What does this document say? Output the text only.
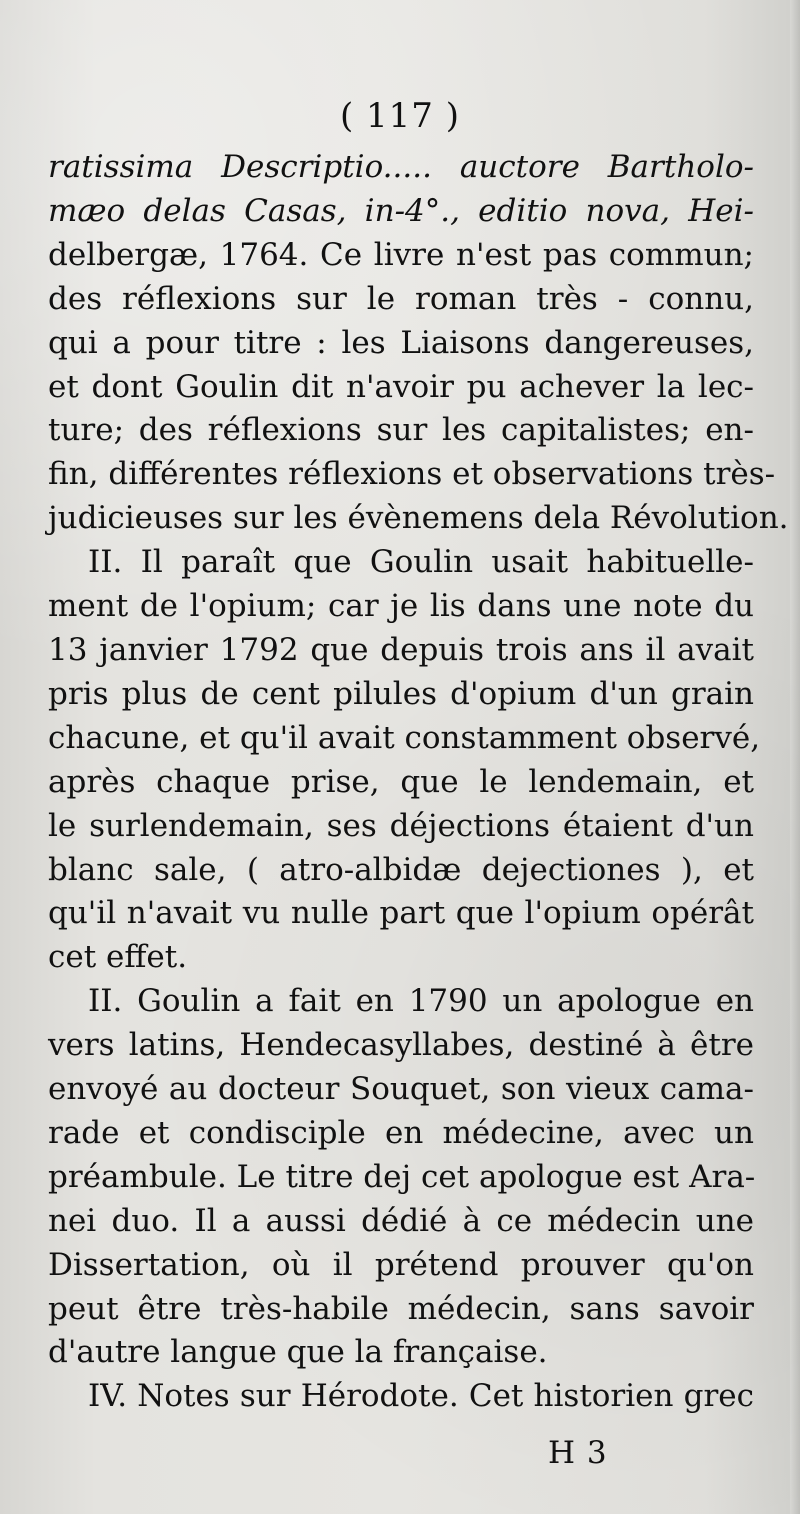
( 117 )
ratissima Descriptio..... auctore Bartholo-
mæo delas Casas, in-4°., editio nova, Hei-
delbergæ, 1764. Ce livre n'est pas commun;
des réflexions sur le roman très - connu,
qui a pour titre : les Liaisons dangereuses,
et dont Goulin dit n'avoir pu achever la lec-
ture; des réflexions sur les capitalistes; en-
fin, différentes réflexions et observations très-
judicieuses sur les évènemens dela Révolution.
II. Il paraît que Goulin usait habituelle-
ment de l'opium; car je lis dans une note du
13 janvier 1792 que depuis trois ans il avait
pris plus de cent pilules d'opium d'un grain
chacune, et qu'il avait constamment observé,
après chaque prise, que le lendemain, et
le surlendemain, ses déjections étaient d'un
blanc sale, ( atro-albidæ dejectiones ), et
qu'il n'avait vu nulle part que l'opium opérât
cet effet.
II. Goulin a fait en 1790 un apologue en
vers latins, Hendecasyllabes, destiné à être
envoyé au docteur Souquet, son vieux cama-
rade et condisciple en médecine, avec un
préambule. Le titre dej cet apologue est Ara-
nei duo. Il a aussi dédié à ce médecin une
Dissertation, où il prétend prouver qu'on
peut être très-habile médecin, sans savoir
d'autre langue que la française.
IV. Notes sur Hérodote. Cet historien grec
H 3
